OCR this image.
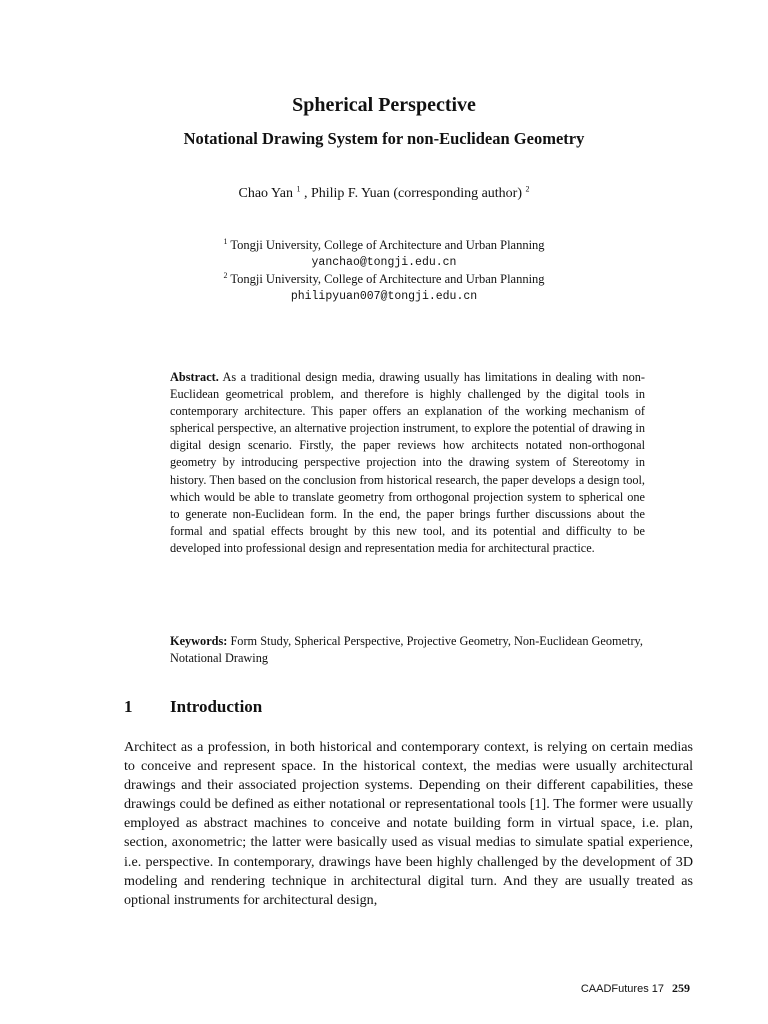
Spherical Perspective
Notational Drawing System for non-Euclidean Geometry
Chao Yan $^1$ , Philip F. Yuan (corresponding author) $^2$
$^1$ Tongji University, College of Architecture and Urban Planning
yanchao@tongji.edu.cn
$^2$ Tongji University, College of Architecture and Urban Planning
philipyuan007@tongji.edu.cn

Abstract. As a traditional design media, drawing usually has limitations in dealing with non-Euclidean geometrical problem, and therefore is highly challenged by the digital tools in contemporary architecture. This paper offers an explanation of the working mechanism of spherical perspective, an alternative projection instrument, to explore the potential of drawing in digital design scenario. Firstly, the paper reviews how architects notated non-orthogonal geometry by introducing perspective projection into the drawing system of Stereotomy in history. Then based on the conclusion from historical research, the paper develops a design tool, which would be able to translate geometry from orthogonal projection system to spherical one to generate non-Euclidean form. In the end, the paper brings further discussions about the formal and spatial effects brought by this new tool, and its potential and difficulty to be developed into professional design and representation media for architectural practice.

Keywords: Form Study, Spherical Perspective, Projective Geometry, Non-Euclidean Geometry, Notational Drawing

1 Introduction

Architect as a profession, in both historical and contemporary context, is relying on certain medias to conceive and represent space. In the historical context, the medias were usually architectural drawings and their associated projection systems. Depending on their different capabilities, these drawings could be defined as either notational or representational tools [1]. The former were usually employed as abstract machines to conceive and notate building form in virtual space, i.e. plan, section, axonometric; the latter were basically used as visual medias to simulate spatial experience, i.e. perspective. In contemporary, drawings have been highly challenged by the development of 3D modeling and rendering technique in architectural digital turn. And they are usually treated as optional instruments for architectural design,

CAADFutures 17 259
